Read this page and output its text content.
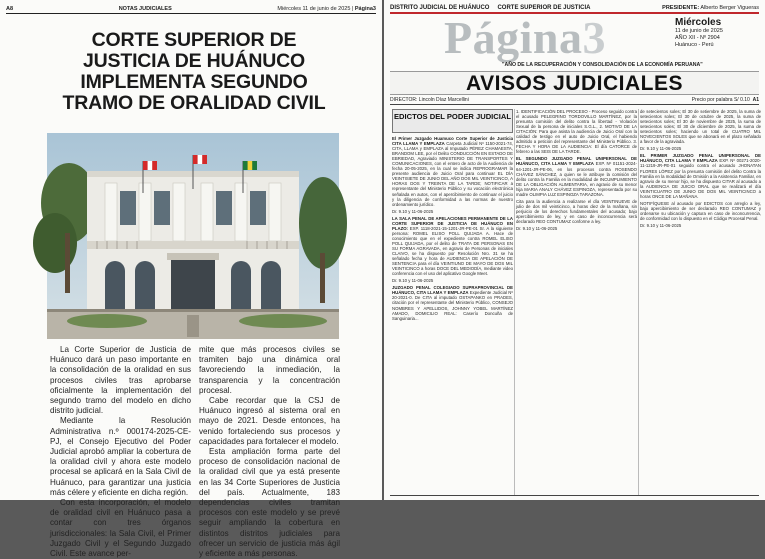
A8	NOTAS JUDICIALES	Miércoles 11 de junio de 2025 | Página3
CORTE SUPERIOR DE JUSTICIA DE HUÁNUCO IMPLEMENTA SEGUNDO TRAMO DE ORALIDAD CIVIL

La Corte Superior de Justicia de Huánuco dará un paso importante en la consolidación de la oralidad en sus procesos civiles tras aprobarse oficialmente la implementación del segundo tramo del modelo en dicho distrito judicial.

Mediante la Resolución Administrativa n.º 000174-2025-CE-PJ, el Consejo Ejecutivo del Poder Judicial aprobó ampliar la cobertura de la oralidad civil y ahora este modelo procesal se aplicará en la Sala Civil de Huánuco, para garantizar una justicia más célere y eficiente en dicha región.

Con esta incorporación, el modelo de oralidad civil en Huánuco pasa a contar con tres órganos jurisdiccionales: la Sala Civil, el Primer Juzgado Civil y el Segundo Juzgado Civil. Este avance per-

mite que más procesos civiles se tramiten bajo una dinámica oral favoreciendo la inmediación, la transparencia y la concentración procesal.

Cabe recordar que la CSJ de Huánuco ingresó al sistema oral en mayo de 2021. Desde entonces, ha venido fortaleciendo sus procesos y capacidades para fortalecer el modelo.

Esta ampliación forma parte del proceso de consolidación nacional de la oralidad civil que ya está presente en las 34 Corte Superiores de Justicia del país. Actualmente, 183 dependencias civiles tramitan procesos con este modelo y se prevé seguir ampliando la cobertura en distintos distritos judiciales para ofrecer un servicio de justicia más ágil y eficiente a más personas.

DISTRITO JUDICIAL DE HUÁNUCO CORTE SUPERIOR DE JUSTICIA	PRESIDENTE: Alberto Berger Vigueras
Página3	Miércoles
11 de junio de 2025
AÑO XII - Nº 2904
Huánuco - Perú
"AÑO DE LA RECUPERACIÓN Y CONSOLIDACIÓN DE LA ECONOMÍA PERUANA"
AVISOS JUDICIALES
DIRECTOR: Lincoln Díaz Marcellini	Precio por palabra S/ 0.10 A1
EDICTOS DEL PODER JUDICIAL

El Primer Juzgado Huamuco Corte Superior de Justicia CITA LLAMA Y EMPLAZA Carpeta Judicial Nº 1150-2021-74, CITA, LLAMA y EMPLAZA al Imputado PÉREZ CHAMAESTA, BRANDOM LEE, por el Delito CONDUCCIÓN EN ESTADO DE EBRIEDAD, Agraviado MINISTERIO DE TRANSPORTES Y COMUNICACIONES, con el entero de acto de la Audiencia de fecha 20-05-2025, en la cual se indica REPROGRAMAR la presente audiencia de Juicio Oral para continuar EL DÍA VEINTISIETE DE JUNIO DEL AÑO DOS MIL VEINTICINCO, A HORAS DOS Y TREINTA DE LA TARDE; NOTIFICAR a representante del Ministerio Público y su vocación electrónica señalada en autos, con el apercibimiento de continuar el juicio y la diligencia de conformidad a las normas de nuestro ordenamiento jurídico.

Dr. 9.10 y 11-06-2025

LA SALA PENAL DE APELACIONES PERMANENTE DE LA CORTE SUPERIOR DE JUSTICIA DE HUÁNUCO EN PLAZO: EXP. 1118-2021-15-1201-JR-PE-01 Sr. A la siguiente persona: ROMEL ELISO POLL QUIJADA A. Hace de conocimiento que en el expediente contra ROMEL ELISO POLL QUIJADA, por el delito de TRATA DE PERSONAS EN SU FORMA AGRAVADA, en agravio de Personas de iniciales CLAIVO, se ha dispuesto por Resolución Nro. 31 se ha señalado fecha y hora de AUDIENCIA DE APELACIÓN DE SENTENCIA para el día VEINTIUNO DE MAYO DE DOS MIL VEINTICINCO a horas DOCE DEL MEDIODÍA, mediante video conferencia con el uso del aplicativo Google Meet.

Dr. 9.10 y 11-06-2025

JUZGADO PENAL COLEGIADO SUPRAPROVINCIAL DE HUÁNUCO, CITA LLAMA Y EMPLAZA Expediente Judicial Nº 20-2021-0. De CITA al imputado OSTAPANKO en PRADES, citación por el representante del Ministerio Público, CONSEJO NOMBRES Y APELLIDOS, JOHNNY YOBEL MARTÍNEZ AMADO, DOMICILIO REAL: Caserío Doncuña de Sanguinaria...

1. IDENTIFICACIÓN DEL PROCESO - Proceso seguido contra el acusado PELEGRINO TORDOVILLO MARTÍNEZ, por la presunta comisión del delito contra la libertad - Violación Sexual de la persona de iniciales S.G.L., 2. MOTIVO DE LA CITACIÓN: Para que asista la audiencia de Juicio Oral con la calidad de testigo en el auto de Juicio Oral, el habiendo admitido a petición del representante del Ministerio Público. 3. FECHA Y HORA DE LA AUDIENCIA: El día CATORCE de febrero a las SEIS DE LA TARDE.

EL SEGUNDO JUZGADO PENAL UNIPERSONAL DE HUÁNUCO, CITA LLAMA Y EMPLAZA EXP. Nº 01151-2024-64-1201-JR-PE-06, en los procesos contra ROSENDO CHÁVEZ SÁNCHEZ, a quien se le atribuye la comisión del delito contra la Familia en la modalidad de INCUMPLIMIENTO DE LA OBLIGACIÓN ALIMENTARIA, en agravio de su menor hija MARIA ANALY CHÁVEZ ESPINOZA, representada por su madre OLIMPIA LUZ ESPINOZA TARAZONA.

Cita para la audiencia a realizarse el día VEINTINUEVE de julio de dos mil veinticinco, a horas diez de la mañana, sin perjuicio de los derechos fundamentales del acusado; bajo apercibimiento de ley, y en caso de inconcurrencia será declarado REO CONTUMAZ conforme a ley.

Dr. 9.10 y 11-06-2025

de setecientos soles; El 30 de setiembre de 2025, la suma de setecientos soles; El 30 de octubre de 2025, la suma de setecientos soles; El 30 de noviembre de 2025, la suma de setecientos soles; El 30 de diciembre de 2025, la suma de setecientos soles; haciendo un total de CUATRO MIL NOVECIENTOS SOLES que se abonará en el plazo señalado a favor de la agraviada.

Dr. 9.10 y 11-06-2025

EL PRIMER JUZGADO PENAL UNIPERSONAL DE HUÁNUCO, CITA LLAMA Y EMPLAZA EXP. Nº 00271-2020-11-1219-JR-PE-01 seguido contra el acusado JHONATAN FLORES LÓPEZ por la presunta comisión del delito Contra la Familia en la modalidad de Omisión a la Asistencia Familiar, en agravio de su menor hijo, se ha dispuesto CITAR al acusado a la AUDIENCIA DE JUICIO ORAL que se realizará el día VEINTICUATRO DE JUNIO DE DOS MIL VEINTICINCO a horas ONCE DE LA MAÑANA.

NOTIFÍQUESE al acusado por EDICTOS con arreglo a ley, bajo apercibimiento de ser declarado REO CONTUMAZ y ordenarse su ubicación y captura en caso de inconcurrencia, de conformidad con lo dispuesto en el Código Procesal Penal.

Dr. 9.10 y 11-06-2025
